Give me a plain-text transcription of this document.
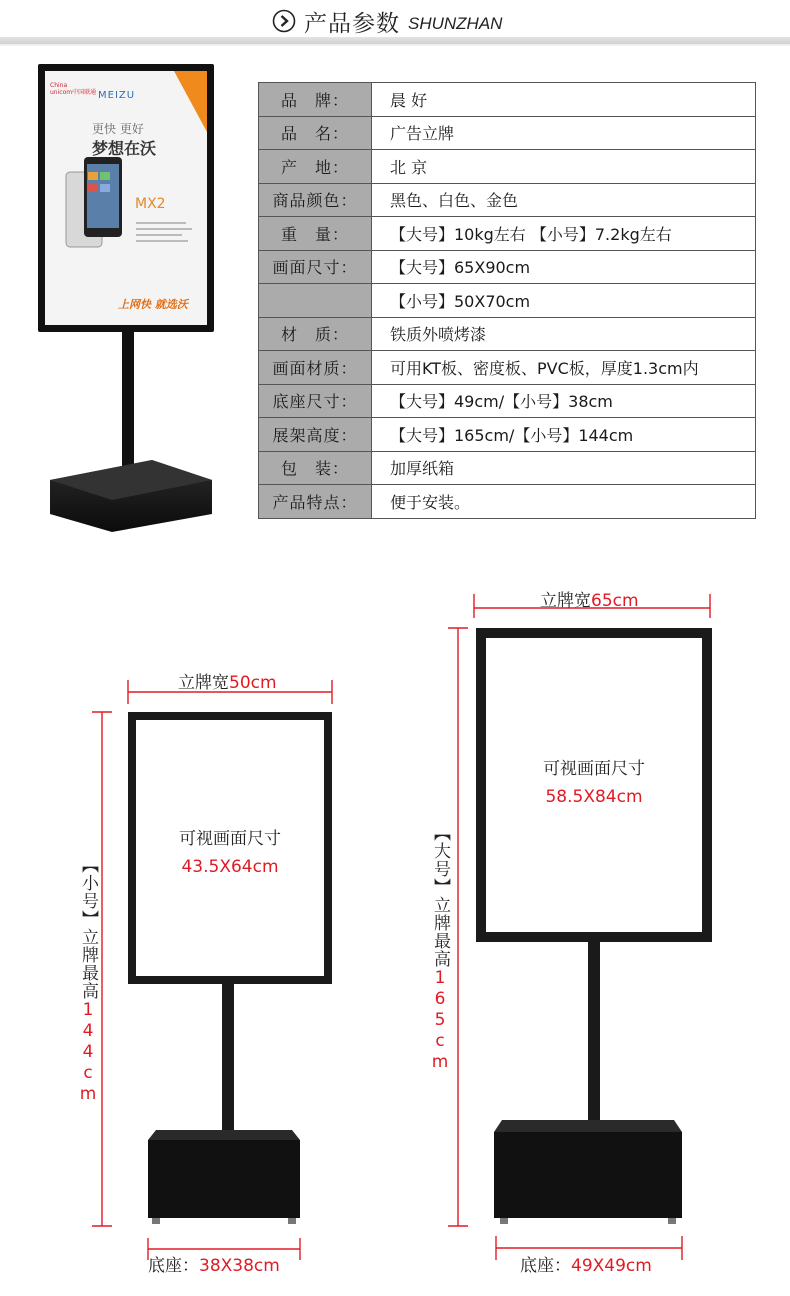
产品参数 SHUNZHAN
China
unicom中国联通 MEIZU
更快 更好
梦想在沃
MX2
上网快 就选沃
品　牌：	晨 好
品　名：	广告立牌
产　地：	北 京
商品颜色：	黑色、白色、金色
重　量：	【大号】10kg左右 【小号】7.2kg左右
画面尺寸：	【大号】65X90cm
【小号】50X70cm
材　质：	铁质外喷烤漆
画面材质：	可用KT板、密度板、PVC板，厚度1.3cm内
底座尺寸：	【大号】49cm/【小号】38cm
展架高度：	【大号】165cm/【小号】144cm
包　装：	加厚纸箱
产品特点：	便于安装。
立牌宽50cm
可视画面尺寸
43.5X64cm
【小号】立牌最高144cm
底座：38X38cm
立牌宽65cm
可视画面尺寸
58.5X84cm
【大号】立牌最高165cm
底座：49X49cm
